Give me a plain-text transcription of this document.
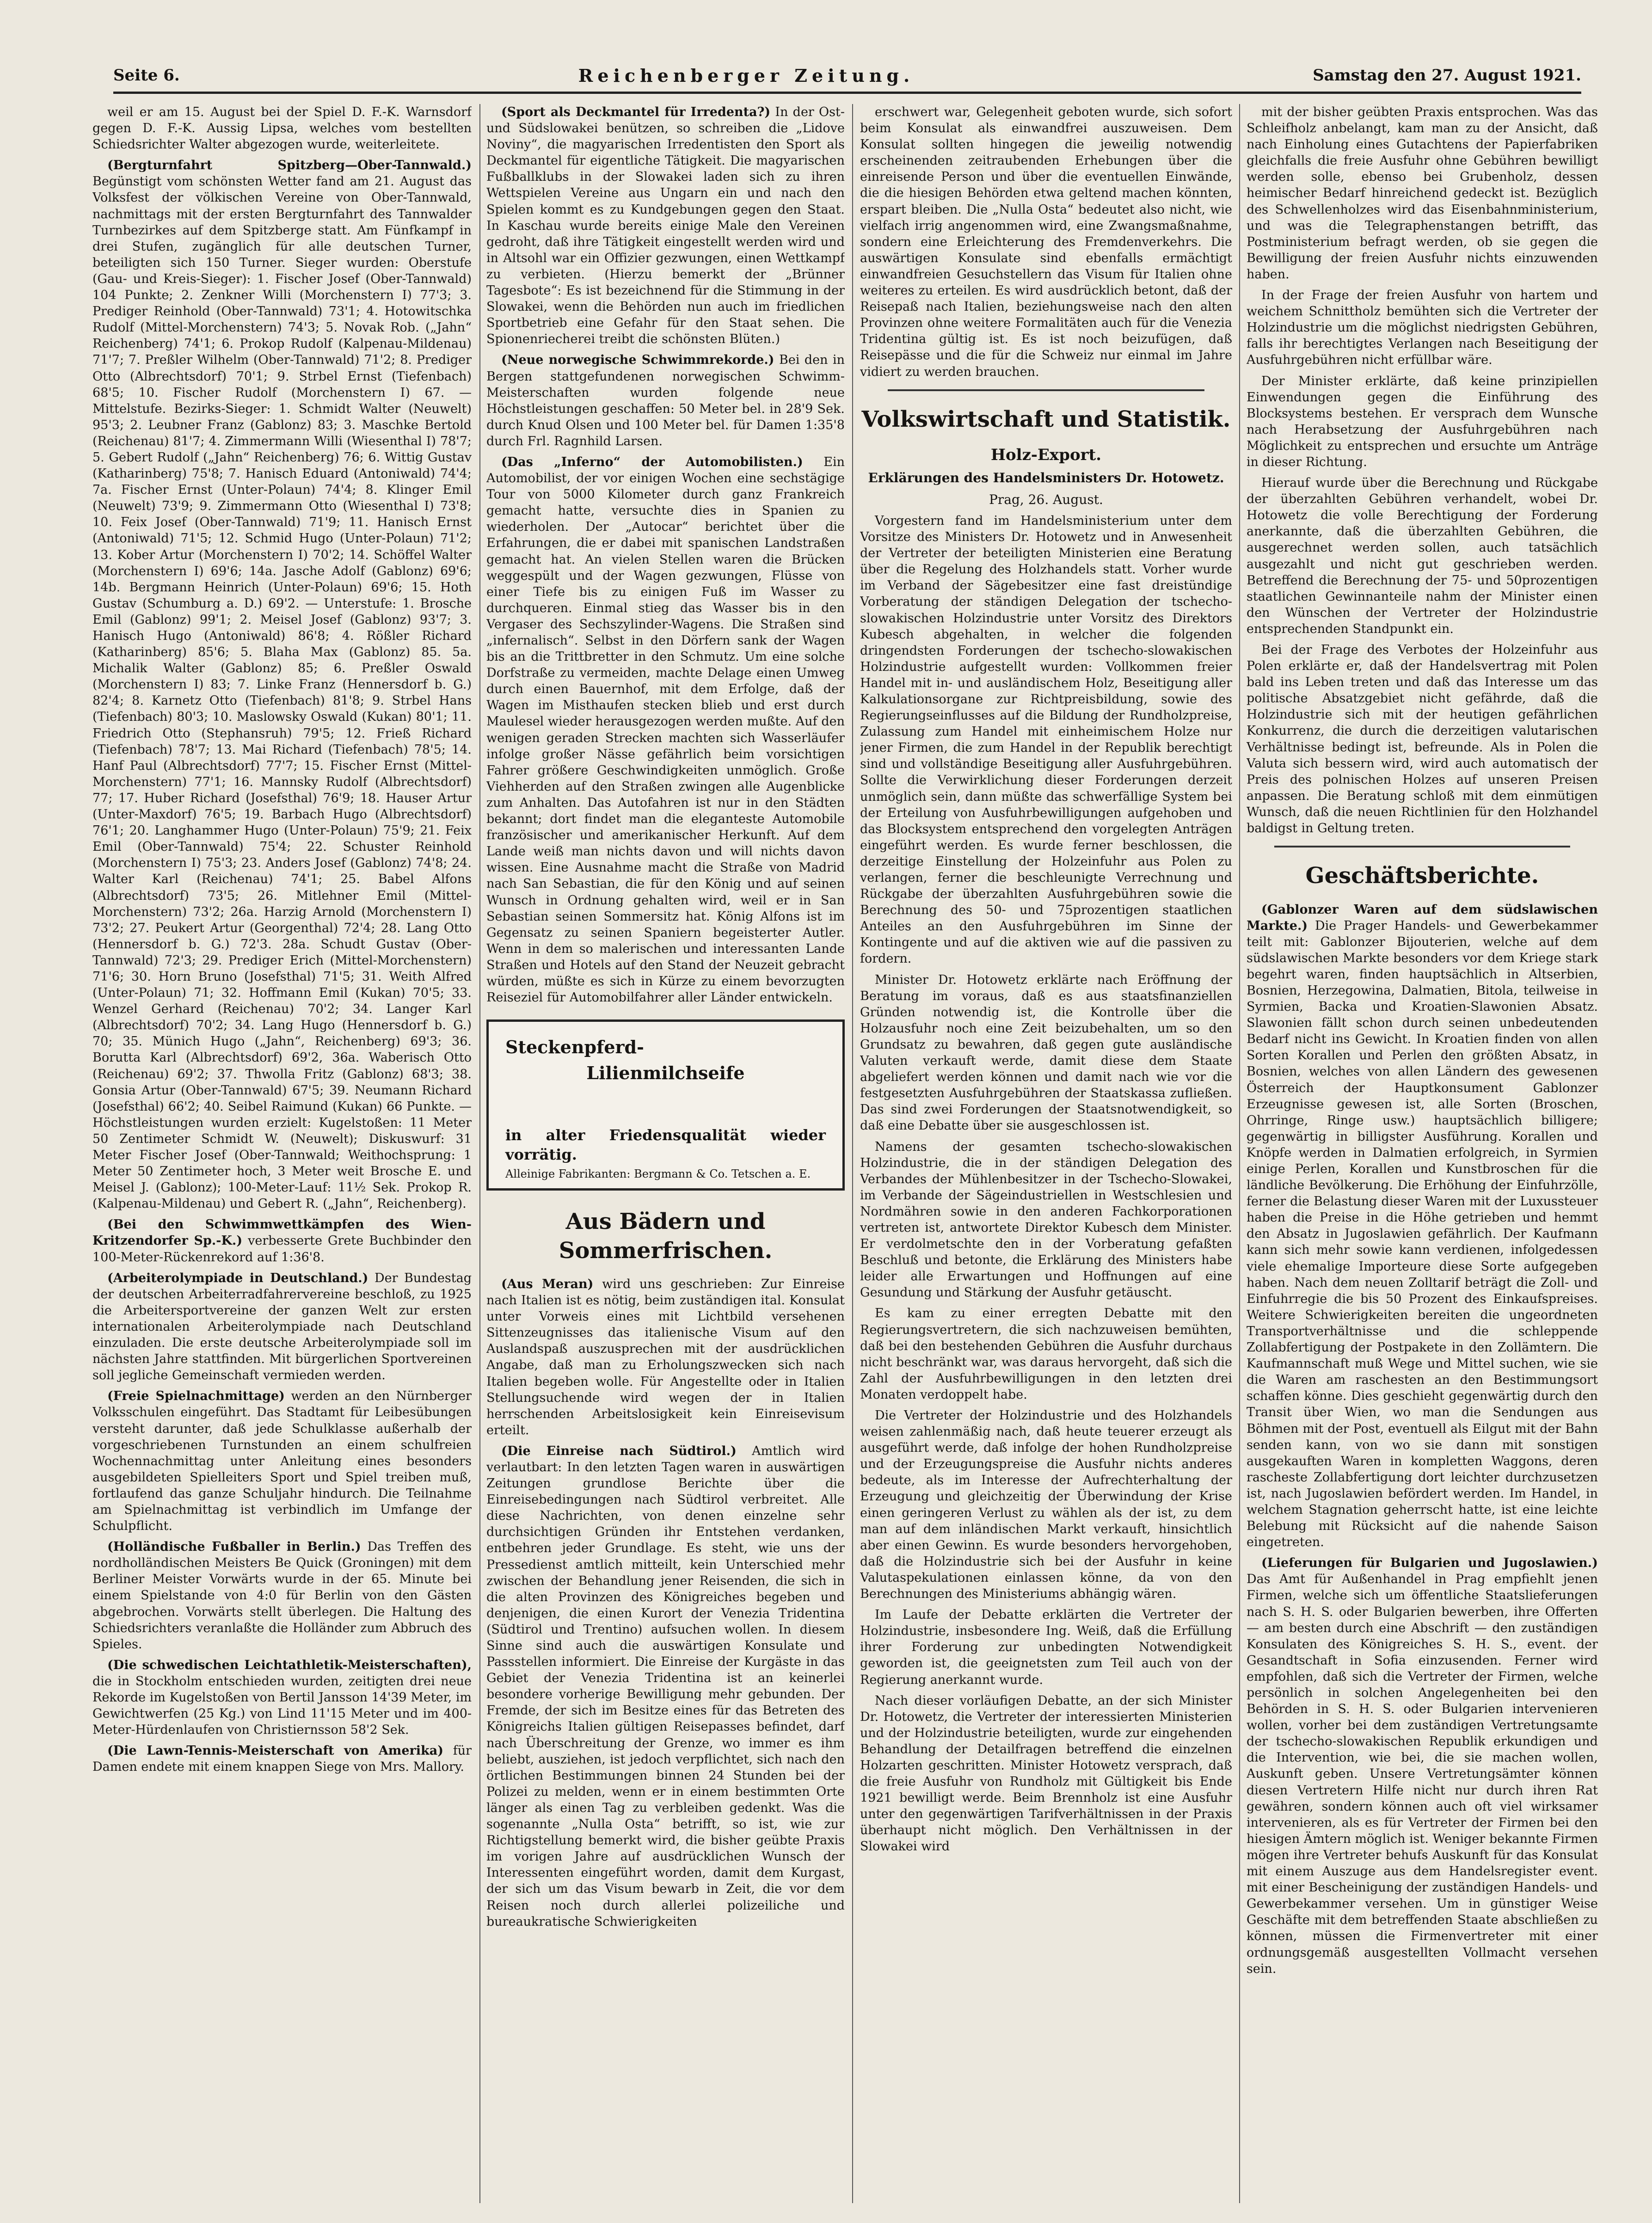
Seite 6.	Reichenberger Zeitung.	Samstag den 27. August 1921.

weil er am 15. August bei der Spiel D. F.-K. Warnsdorf gegen D. F.-K. Aussig Lipsa, welches vom bestellten Schiedsrichter Walter abgezogen wurde, weiterleitete.

(Bergturnfahrt Spitzberg—Ober-Tannwald.) Begünstigt vom schönsten Wetter fand am 21. August das Volksfest der völkischen Vereine von Ober-Tannwald, nachmittags mit der ersten Bergturnfahrt des Tannwalder Turnbezirkes auf dem Spitzberge statt. Am Fünfkampf in drei Stufen, zugänglich für alle deutschen Turner, beteiligten sich 150 Turner. Sieger wurden: Oberstufe (Gau- und Kreis-Sieger): 1. Fischer Josef (Ober-Tannwald) 104 Punkte; 2. Zenkner Willi (Morchenstern I) 77'3; 3. Prediger Reinhold (Ober-Tannwald) 73'1; 4. Hotowitschka Rudolf (Mittel-Morchenstern) 74'3; 5. Novak Rob. („Jahn“ Reichenberg) 74'1; 6. Prokop Rudolf (Kalpenau-Mildenau) 71'7; 7. Preßler Wilhelm (Ober-Tannwald) 71'2; 8. Prediger Otto (Albrechtsdorf) 70'1; 9. Strbel Ernst (Tiefenbach) 68'5; 10. Fischer Rudolf (Morchenstern I) 67. — Mittelstufe. Bezirks-Sieger: 1. Schmidt Walter (Neuwelt) 95'3; 2. Leubner Franz (Gablonz) 83; 3. Maschke Bertold (Reichenau) 81'7; 4. Zimmermann Willi (Wiesenthal I) 78'7; 5. Gebert Rudolf („Jahn“ Reichenberg) 76; 6. Wittig Gustav (Katharinberg) 75'8; 7. Hanisch Eduard (Antoniwald) 74'4; 7a. Fischer Ernst (Unter-Polaun) 74'4; 8. Klinger Emil (Neuwelt) 73'9; 9. Zimmermann Otto (Wiesenthal I) 73'8; 10. Feix Josef (Ober-Tannwald) 71'9; 11. Hanisch Ernst (Antoniwald) 71'5; 12. Schmid Hugo (Unter-Polaun) 71'2; 13. Kober Artur (Morchenstern I) 70'2; 14. Schöffel Walter (Morchenstern I) 69'6; 14a. Jasche Adolf (Gablonz) 69'6; 14b. Bergmann Heinrich (Unter-Polaun) 69'6; 15. Hoth Gustav (Schumburg a. D.) 69'2. — Unterstufe: 1. Brosche Emil (Gablonz) 99'1; 2. Meisel Josef (Gablonz) 93'7; 3. Hanisch Hugo (Antoniwald) 86'8; 4. Rößler Richard (Katharinberg) 85'6; 5. Blaha Max (Gablonz) 85. 5a. Michalik Walter (Gablonz) 85; 6. Preßler Oswald (Morchenstern I) 83; 7. Linke Franz (Hennersdorf b. G.) 82'4; 8. Karnetz Otto (Tiefenbach) 81'8; 9. Strbel Hans (Tiefenbach) 80'3; 10. Maslowsky Oswald (Kukan) 80'1; 11. Friedrich Otto (Stephansruh) 79'5; 12. Frieß Richard (Tiefenbach) 78'7; 13. Mai Richard (Tiefenbach) 78'5; 14. Hanf Paul (Albrechtsdorf) 77'7; 15. Fischer Ernst (Mittel-Morchenstern) 77'1; 16. Mannsky Rudolf (Albrechtsdorf) 77; 17. Huber Richard (Josefsthal) 76'9; 18. Hauser Artur (Unter-Maxdorf) 76'5; 19. Barbach Hugo (Albrechtsdorf) 76'1; 20. Langhammer Hugo (Unter-Polaun) 75'9; 21. Feix Emil (Ober-Tannwald) 75'4; 22. Schuster Reinhold (Morchenstern I) 75'3; 23. Anders Josef (Gablonz) 74'8; 24. Walter Karl (Reichenau) 74'1; 25. Babel Alfons (Albrechtsdorf) 73'5; 26. Mitlehner Emil (Mittel-Morchenstern) 73'2; 26a. Harzig Arnold (Morchenstern I) 73'2; 27. Peukert Artur (Georgenthal) 72'4; 28. Lang Otto (Hennersdorf b. G.) 72'3. 28a. Schudt Gustav (Ober-Tannwald) 72'3; 29. Prediger Erich (Mittel-Morchenstern) 71'6; 30. Horn Bruno (Josefsthal) 71'5; 31. Weith Alfred (Unter-Polaun) 71; 32. Hoffmann Emil (Kukan) 70'5; 33. Wenzel Gerhard (Reichenau) 70'2; 34. Langer Karl (Albrechtsdorf) 70'2; 34. Lang Hugo (Hennersdorf b. G.) 70; 35. Münich Hugo („Jahn“, Reichenberg) 69'3; 36. Borutta Karl (Albrechtsdorf) 69'2, 36a. Waberisch Otto (Reichenau) 69'2; 37. Thwolla Fritz (Gablonz) 68'3; 38. Gonsia Artur (Ober-Tannwald) 67'5; 39. Neumann Richard (Josefsthal) 66'2; 40. Seibel Raimund (Kukan) 66 Punkte. — Höchstleistungen wurden erzielt: Kugelstoßen: 11 Meter 50 Zentimeter Schmidt W. (Neuwelt); Diskuswurf: 31 Meter Fischer Josef (Ober-Tannwald; Weithochsprung: 1 Meter 50 Zentimeter hoch, 3 Meter weit Brosche E. und Meisel J. (Gablonz); 100-Meter-Lauf: 11½ Sek. Prokop R. (Kalpenau-Mildenau) und Gebert R. („Jahn“, Reichenberg).

(Bei den Schwimmwettkämpfen des Wien-Kritzendorfer Sp.-K.) verbesserte Grete Buchbinder den 100-Meter-Rückenrekord auf 1:36'8.

(Arbeiterolympiade in Deutschland.) Der Bundestag der deutschen Arbeiterradfahrervereine beschloß, zu 1925 die Arbeitersportvereine der ganzen Welt zur ersten internationalen Arbeiterolympiade nach Deutschland einzuladen. Die erste deutsche Arbeiterolympiade soll im nächsten Jahre stattfinden. Mit bürgerlichen Sportvereinen soll jegliche Gemeinschaft vermieden werden.

(Freie Spielnachmittage) werden an den Nürnberger Volksschulen eingeführt. Das Stadtamt für Leibesübungen versteht darunter, daß jede Schulklasse außerhalb der vorgeschriebenen Turnstunden an einem schulfreien Wochennachmittag unter Anleitung eines besonders ausgebildeten Spielleiters Sport und Spiel treiben muß, fortlaufend das ganze Schuljahr hindurch. Die Teilnahme am Spielnachmittag ist verbindlich im Umfange der Schulpflicht.

(Holländische Fußballer in Berlin.) Das Treffen des nordholländischen Meisters Be Quick (Groningen) mit dem Berliner Meister Vorwärts wurde in der 65. Minute bei einem Spielstande von 4:0 für Berlin von den Gästen abgebrochen. Vorwärts stellt überlegen. Die Haltung des Schiedsrichters veranlaßte die Holländer zum Abbruch des Spieles.

(Die schwedischen Leichtathletik-Meisterschaften), die in Stockholm entschieden wurden, zeitigten drei neue Rekorde im Kugelstoßen von Bertil Jansson 14'39 Meter, im Gewichtwerfen (25 Kg.) von Lind 11'15 Meter und im 400-Meter-Hürdenlaufen von Christiernsson 58'2 Sek.

(Die Lawn-Tennis-Meisterschaft von Amerika) für Damen endete mit einem knappen Siege von Mrs. Mallory.

(Sport als Deckmantel für Irredenta?) In der Ost- und Südslowakei benützen, so schreiben die „Lidove Noviny“, die magyarischen Irredentisten den Sport als Deckmantel für eigentliche Tätigkeit. Die magyarischen Fußballklubs in der Slowakei laden sich zu ihren Wettspielen Vereine aus Ungarn ein und nach den Spielen kommt es zu Kundgebungen gegen den Staat. In Kaschau wurde bereits einige Male den Vereinen gedroht, daß ihre Tätigkeit eingestellt werden wird und in Altsohl war ein Offizier gezwungen, einen Wettkampf zu verbieten. (Hierzu bemerkt der „Brünner Tagesbote“: Es ist bezeichnend für die Stimmung in der Slowakei, wenn die Behörden nun auch im friedlichen Sportbetrieb eine Gefahr für den Staat sehen. Die Spionenriecherei treibt die schönsten Blüten.)

(Neue norwegische Schwimmrekorde.) Bei den in Bergen stattgefundenen norwegischen Schwimm-Meisterschaften wurden folgende neue Höchstleistungen geschaffen: 50 Meter bel. in 28'9 Sek. durch Knud Olsen und 100 Meter bel. für Damen 1:35'8 durch Frl. Ragnhild Larsen.

(Das „Inferno“ der Automobilisten.) Ein Automobilist, der vor einigen Wochen eine sechstägige Tour von 5000 Kilometer durch ganz Frankreich gemacht hatte, versuchte dies in Spanien zu wiederholen. Der „Autocar“ berichtet über die Erfahrungen, die er dabei mit spanischen Landstraßen gemacht hat. An vielen Stellen waren die Brücken weggespült und der Wagen gezwungen, Flüsse von einer Tiefe bis zu einigen Fuß im Wasser zu durchqueren. Einmal stieg das Wasser bis in den Vergaser des Sechszylinder-Wagens. Die Straßen sind „infernalisch“. Selbst in den Dörfern sank der Wagen bis an die Trittbretter in den Schmutz. Um eine solche Dorfstraße zu vermeiden, machte Delage einen Umweg durch einen Bauernhof, mit dem Erfolge, daß der Wagen im Misthaufen stecken blieb und erst durch Maulesel wieder herausgezogen werden mußte. Auf den wenigen geraden Strecken machten sich Wasserläufer infolge großer Nässe gefährlich beim vorsichtigen Fahrer größere Geschwindigkeiten unmöglich. Große Viehherden auf den Straßen zwingen alle Augenblicke zum Anhalten. Das Autofahren ist nur in den Städten bekannt; dort findet man die eleganteste Automobile französischer und amerikanischer Herkunft. Auf dem Lande weiß man nichts davon und will nichts davon wissen. Eine Ausnahme macht die Straße von Madrid nach San Sebastian, die für den König und auf seinen Wunsch in Ordnung gehalten wird, weil er in San Sebastian seinen Sommersitz hat. König Alfons ist im Gegensatz zu seinen Spaniern begeisterter Autler. Wenn in dem so malerischen und interessanten Lande Straßen und Hotels auf den Stand der Neuzeit gebracht würden, müßte es sich in Kürze zu einem bevorzugten Reiseziel für Automobilfahrer aller Länder entwickeln.

Steckenpferd-
Lilienmilchseife
in alter Friedensqualität wieder vorrätig.
Alleinige Fabrikanten: Bergmann & Co. Tetschen a. E.
Aus Bädern und Sommerfrischen.

(Aus Meran) wird uns geschrieben: Zur Einreise nach Italien ist es nötig, beim zuständigen ital. Konsulat unter Vorweis eines mit Lichtbild versehenen Sittenzeugnisses das italienische Visum auf den Auslandspaß auszusprechen mit der ausdrücklichen Angabe, daß man zu Erholungszwecken sich nach Italien begeben wolle. Für Angestellte oder in Italien Stellungsuchende wird wegen der in Italien herrschenden Arbeitslosigkeit kein Einreisevisum erteilt.

(Die Einreise nach Südtirol.) Amtlich wird verlautbart: In den letzten Tagen waren in auswärtigen Zeitungen grundlose Berichte über die Einreisebedingungen nach Südtirol verbreitet. Alle diese Nachrichten, von denen einzelne sehr durchsichtigen Gründen ihr Entstehen verdanken, entbehren jeder Grundlage. Es steht, wie uns der Pressedienst amtlich mitteilt, kein Unterschied mehr zwischen der Behandlung jener Reisenden, die sich in die alten Provinzen des Königreiches begeben und denjenigen, die einen Kurort der Venezia Tridentina (Südtirol und Trentino) aufsuchen wollen. In diesem Sinne sind auch die auswärtigen Konsulate und Passstellen informiert. Die Einreise der Kurgäste in das Gebiet der Venezia Tridentina ist an keinerlei besondere vorherige Bewilligung mehr gebunden. Der Fremde, der sich im Besitze eines für das Betreten des Königreichs Italien gültigen Reisepasses befindet, darf nach Überschreitung der Grenze, wo immer es ihm beliebt, ausziehen, ist jedoch verpflichtet, sich nach den örtlichen Bestimmungen binnen 24 Stunden bei der Polizei zu melden, wenn er in einem bestimmten Orte länger als einen Tag zu verbleiben gedenkt. Was die sogenannte „Nulla Osta“ betrifft, so ist, wie zur Richtigstellung bemerkt wird, die bisher geübte Praxis im vorigen Jahre auf ausdrücklichen Wunsch der Interessenten eingeführt worden, damit dem Kurgast, der sich um das Visum bewarb in Zeit, die vor dem Reisen noch durch allerlei polizeiliche und bureaukratische Schwierigkeiten

erschwert war, Gelegenheit geboten wurde, sich sofort beim Konsulat als einwandfrei auszuweisen. Dem Konsulat sollten hingegen die jeweilig notwendig erscheinenden zeitraubenden Erhebungen über die einreisende Person und über die eventuellen Einwände, die die hiesigen Behörden etwa geltend machen könnten, erspart bleiben. Die „Nulla Osta“ bedeutet also nicht, wie vielfach irrig angenommen wird, eine Zwangsmaßnahme, sondern eine Erleichterung des Fremdenverkehrs. Die auswärtigen Konsulate sind ebenfalls ermächtigt einwandfreien Gesuchstellern das Visum für Italien ohne weiteres zu erteilen. Es wird ausdrücklich betont, daß der Reisepaß nach Italien, beziehungsweise nach den alten Provinzen ohne weitere Formalitäten auch für die Venezia Tridentina gültig ist. Es ist noch beizufügen, daß Reisepässe und die für die Schweiz nur einmal im Jahre vidiert zu werden brauchen.

Volkswirtschaft und Statistik.
Holz-Export.
Erklärungen des Handelsministers Dr. Hotowetz.
Prag, 26. August.

Vorgestern fand im Handelsministerium unter dem Vorsitze des Ministers Dr. Hotowetz und in Anwesenheit der Vertreter der beteiligten Ministerien eine Beratung über die Regelung des Holzhandels statt. Vorher wurde im Verband der Sägebesitzer eine fast dreistündige Vorberatung der ständigen Delegation der tschecho-slowakischen Holzindustrie unter Vorsitz des Direktors Kubesch abgehalten, in welcher die folgenden dringendsten Forderungen der tschecho-slowakischen Holzindustrie aufgestellt wurden: Vollkommen freier Handel mit in- und ausländischem Holz, Beseitigung aller Kalkulationsorgane zur Richtpreisbildung, sowie des Regierungseinflusses auf die Bildung der Rundholzpreise, Zulassung zum Handel mit einheimischem Holze nur jener Firmen, die zum Handel in der Republik berechtigt sind und vollständige Beseitigung aller Ausfuhrgebühren. Sollte die Verwirklichung dieser Forderungen derzeit unmöglich sein, dann müßte das schwerfällige System bei der Erteilung von Ausfuhrbewilligungen aufgehoben und das Blocksystem entsprechend den vorgelegten Anträgen eingeführt werden. Es wurde ferner beschlossen, die derzeitige Einstellung der Holzeinfuhr aus Polen zu verlangen, ferner die beschleunigte Verrechnung und Rückgabe der überzahlten Ausfuhrgebühren sowie die Berechnung des 50- und 75prozentigen staatlichen Anteiles an den Ausfuhrgebühren im Sinne der Kontingente und auf die aktiven wie auf die passiven zu fordern.

Minister Dr. Hotowetz erklärte nach Eröffnung der Beratung im voraus, daß es aus staatsfinanziellen Gründen notwendig ist, die Kontrolle über die Holzausfuhr noch eine Zeit beizubehalten, um so den Grundsatz zu bewahren, daß gegen gute ausländische Valuten verkauft werde, damit diese dem Staate abgeliefert werden können und damit nach wie vor die festgesetzten Ausfuhrgebühren der Staatskassa zufließen. Das sind zwei Forderungen der Staatsnotwendigkeit, so daß eine Debatte über sie ausgeschlossen ist.

Namens der gesamten tschecho-slowakischen Holzindustrie, die in der ständigen Delegation des Verbandes der Mühlenbesitzer in der Tschecho-Slowakei, im Verbande der Sägeindustriellen in Westschlesien und Nordmähren sowie in den anderen Fachkorporationen vertreten ist, antwortete Direktor Kubesch dem Minister. Er verdolmetschte den in der Vorberatung gefaßten Beschluß und betonte, die Erklärung des Ministers habe leider alle Erwartungen und Hoffnungen auf eine Gesundung und Stärkung der Ausfuhr getäuscht.

Es kam zu einer erregten Debatte mit den Regierungsvertretern, die sich nachzuweisen bemühten, daß bei den bestehenden Gebühren die Ausfuhr durchaus nicht beschränkt war, was daraus hervorgeht, daß sich die Zahl der Ausfuhrbewilligungen in den letzten drei Monaten verdoppelt habe.

Die Vertreter der Holzindustrie und des Holzhandels weisen zahlenmäßig nach, daß heute teuerer erzeugt als ausgeführt werde, daß infolge der hohen Rundholzpreise und der Erzeugungspreise die Ausfuhr nichts anderes bedeute, als im Interesse der Aufrechterhaltung der Erzeugung und gleichzeitig der Überwindung der Krise einen geringeren Verlust zu wählen als der ist, zu dem man auf dem inländischen Markt verkauft, hinsichtlich aber einen Gewinn. Es wurde besonders hervorgehoben, daß die Holzindustrie sich bei der Ausfuhr in keine Valutaspekulationen einlassen könne, da von den Berechnungen des Ministeriums abhängig wären.

Im Laufe der Debatte erklärten die Vertreter der Holzindustrie, insbesondere Ing. Weiß, daß die Erfüllung ihrer Forderung zur unbedingten Notwendigkeit geworden ist, die geeignetsten zum Teil auch von der Regierung anerkannt wurde.

Nach dieser vorläufigen Debatte, an der sich Minister Dr. Hotowetz, die Vertreter der interessierten Ministerien und der Holzindustrie beteiligten, wurde zur eingehenden Behandlung der Detailfragen betreffend die einzelnen Holzarten geschritten. Minister Hotowetz versprach, daß die freie Ausfuhr von Rundholz mit Gültigkeit bis Ende 1921 bewilligt werde. Beim Brennholz ist eine Ausfuhr unter den gegenwärtigen Tarifverhältnissen in der Praxis überhaupt nicht möglich. Den Verhältnissen in der Slowakei wird

mit der bisher geübten Praxis entsprochen. Was das Schleifholz anbelangt, kam man zu der Ansicht, daß nach Einholung eines Gutachtens der Papierfabriken gleichfalls die freie Ausfuhr ohne Gebühren bewilligt werden solle, ebenso bei Grubenholz, dessen heimischer Bedarf hinreichend gedeckt ist. Bezüglich des Schwellenholzes wird das Eisenbahnministerium, und was die Telegraphenstangen betrifft, das Postministerium befragt werden, ob sie gegen die Bewilligung der freien Ausfuhr nichts einzuwenden haben.

In der Frage der freien Ausfuhr von hartem und weichem Schnittholz bemühten sich die Vertreter der Holzindustrie um die möglichst niedrigsten Gebühren, falls ihr berechtigtes Verlangen nach Beseitigung der Ausfuhrgebühren nicht erfüllbar wäre.

Der Minister erklärte, daß keine prinzipiellen Einwendungen gegen die Einführung des Blocksystems bestehen. Er versprach dem Wunsche nach Herabsetzung der Ausfuhrgebühren nach Möglichkeit zu entsprechen und ersuchte um Anträge in dieser Richtung.

Hierauf wurde über die Berechnung und Rückgabe der überzahlten Gebühren verhandelt, wobei Dr. Hotowetz die volle Berechtigung der Forderung anerkannte, daß die überzahlten Gebühren, die ausgerechnet werden sollen, auch tatsächlich ausgezahlt und nicht gut geschrieben werden. Betreffend die Berechnung der 75- und 50prozentigen staatlichen Gewinnanteile nahm der Minister einen den Wünschen der Vertreter der Holzindustrie entsprechenden Standpunkt ein.

Bei der Frage des Verbotes der Holzeinfuhr aus Polen erklärte er, daß der Handelsvertrag mit Polen bald ins Leben treten und daß das Interesse um das politische Absatzgebiet nicht gefährde, daß die Holzindustrie sich mit der heutigen gefährlichen Konkurrenz, die durch die derzeitigen valutarischen Verhältnisse bedingt ist, befreunde. Als in Polen die Valuta sich bessern wird, wird auch automatisch der Preis des polnischen Holzes auf unseren Preisen anpassen. Die Beratung schloß mit dem einmütigen Wunsch, daß die neuen Richtlinien für den Holzhandel baldigst in Geltung treten.

Geschäftsberichte.

(Gablonzer Waren auf dem südslawischen Markte.) Die Prager Handels- und Gewerbekammer teilt mit: Gablonzer Bijouterien, welche auf dem südslawischen Markte besonders vor dem Kriege stark begehrt waren, finden hauptsächlich in Altserbien, Bosnien, Herzegowina, Dalmatien, Bitola, teilweise in Syrmien, Backa und Kroatien-Slawonien Absatz. Slawonien fällt schon durch seinen unbedeutenden Bedarf nicht ins Gewicht. In Kroatien finden von allen Sorten Korallen und Perlen den größten Absatz, in Bosnien, welches von allen Ländern des gewesenen Österreich der Hauptkonsument Gablonzer Erzeugnisse gewesen ist, alle Sorten (Broschen, Ohrringe, Ringe usw.) hauptsächlich billigere; gegenwärtig in billigster Ausführung. Korallen und Knöpfe werden in Dalmatien erfolgreich, in Syrmien einige Perlen, Korallen und Kunstbroschen für die ländliche Bevölkerung. Die Erhöhung der Einfuhrzölle, ferner die Belastung dieser Waren mit der Luxussteuer haben die Preise in die Höhe getrieben und hemmt den Absatz in Jugoslawien gefährlich. Der Kaufmann kann sich mehr sowie kann verdienen, infolgedessen viele ehemalige Importeure diese Sorte aufgegeben haben. Nach dem neuen Zolltarif beträgt die Zoll- und Einfuhrregie die bis 50 Prozent des Einkaufspreises. Weitere Schwierigkeiten bereiten die ungeordneten Transportverhältnisse und die schleppende Zollabfertigung der Postpakete in den Zollämtern. Die Kaufmannschaft muß Wege und Mittel suchen, wie sie die Waren am raschesten an den Bestimmungsort schaffen könne. Dies geschieht gegenwärtig durch den Transit über Wien, wo man die Sendungen aus Böhmen mit der Post, eventuell als Eilgut mit der Bahn senden kann, von wo sie dann mit sonstigen ausgekauften Waren in kompletten Waggons, deren rascheste Zollabfertigung dort leichter durchzusetzen ist, nach Jugoslawien befördert werden. Im Handel, in welchem Stagnation geherrscht hatte, ist eine leichte Belebung mit Rücksicht auf die nahende Saison eingetreten.

(Lieferungen für Bulgarien und Jugoslawien.) Das Amt für Außenhandel in Prag empfiehlt jenen Firmen, welche sich um öffentliche Staatslieferungen nach S. H. S. oder Bulgarien bewerben, ihre Offerten — am besten durch eine Abschrift — den zuständigen Konsulaten des Königreiches S. H. S., event. der Gesandtschaft in Sofia einzusenden. Ferner wird empfohlen, daß sich die Vertreter der Firmen, welche persönlich in solchen Angelegenheiten bei den Behörden in S. H. S. oder Bulgarien intervenieren wollen, vorher bei dem zuständigen Vertretungsamte der tschecho-slowakischen Republik erkundigen und die Intervention, wie bei, die sie machen wollen, Auskunft geben. Unsere Vertretungsämter können diesen Vertretern Hilfe nicht nur durch ihren Rat gewähren, sondern können auch oft viel wirksamer intervenieren, als es für Vertreter der Firmen bei den hiesigen Ämtern möglich ist. Weniger bekannte Firmen mögen ihre Vertreter behufs Auskunft für das Konsulat mit einem Auszuge aus dem Handelsregister event. mit einer Bescheinigung der zuständigen Handels- und Gewerbekammer versehen. Um in günstiger Weise Geschäfte mit dem betreffenden Staate abschließen zu können, müssen die Firmenvertreter mit einer ordnungsgemäß ausgestellten Vollmacht versehen sein.
